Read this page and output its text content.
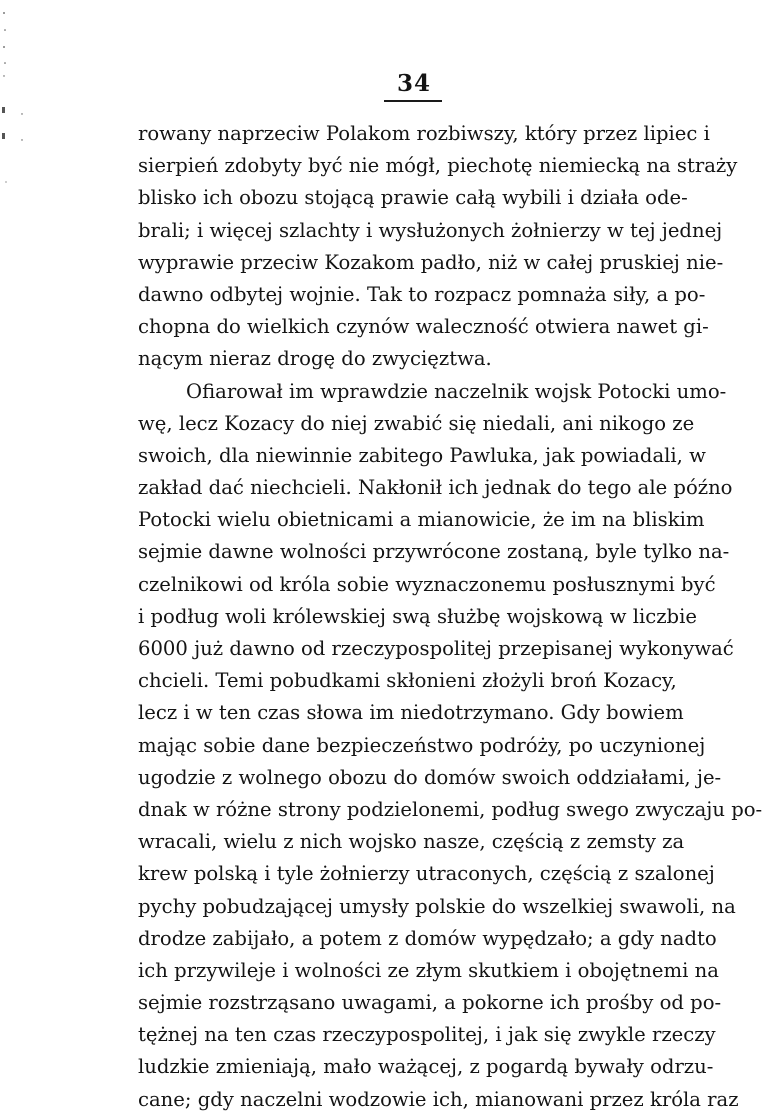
34
rowany naprzeciw Polakom rozbiwszy, który przez lipiec i
sierpień zdobyty być nie mógł, piechotę niemiecką na straży
blisko ich obozu stojącą prawie całą wybili i działa ode-
brali; i więcej szlachty i wysłużonych żołnierzy w tej jednej
wyprawie przeciw Kozakom padło, niż w całej pruskiej nie-
dawno odbytej wojnie. Tak to rozpacz pomnaża siły, a po-
chopna do wielkich czynów waleczność otwiera nawet gi-
nącym nieraz drogę do zwycięztwa.
Ofiarował im wprawdzie naczelnik wojsk Potocki umo-
wę, lecz Kozacy do niej zwabić się niedali, ani nikogo ze
swoich, dla niewinnie zabitego Pawluka, jak powiadali, w
zakład dać niechcieli. Nakłonił ich jednak do tego ale późno
Potocki wielu obietnicami a mianowicie, że im na bliskim
sejmie dawne wolności przywrócone zostaną, byle tylko na-
czelnikowi od króla sobie wyznaczonemu posłusznymi być
i podług woli królewskiej swą służbę wojskową w liczbie
6000 już dawno od rzeczypospolitej przepisanej wykonywać
chcieli. Temi pobudkami skłonieni złożyli broń Kozacy,
lecz i w ten czas słowa im niedotrzymano. Gdy bowiem
mając sobie dane bezpieczeństwo podróży, po uczynionej
ugodzie z wolnego obozu do domów swoich oddziałami, je-
dnak w różne strony podzielonemi, podług swego zwyczaju po-
wracali, wielu z nich wojsko nasze, częścią z zemsty za
krew polską i tyle żołnierzy utraconych, częścią z szalonej
pychy pobudzającej umysły polskie do wszelkiej swawoli, na
drodze zabijało, a potem z domów wypędzało; a gdy nadto
ich przywileje i wolności ze złym skutkiem i obojętnemi na
sejmie rozstrząsano uwagami, a pokorne ich prośby od po-
tężnej na ten czas rzeczypospolitej, i jak się zwykle rzeczy
ludzkie zmieniają, mało ważącej, z pogardą bywały odrzu-
cane; gdy naczelni wodzowie ich, mianowani przez króla raz
